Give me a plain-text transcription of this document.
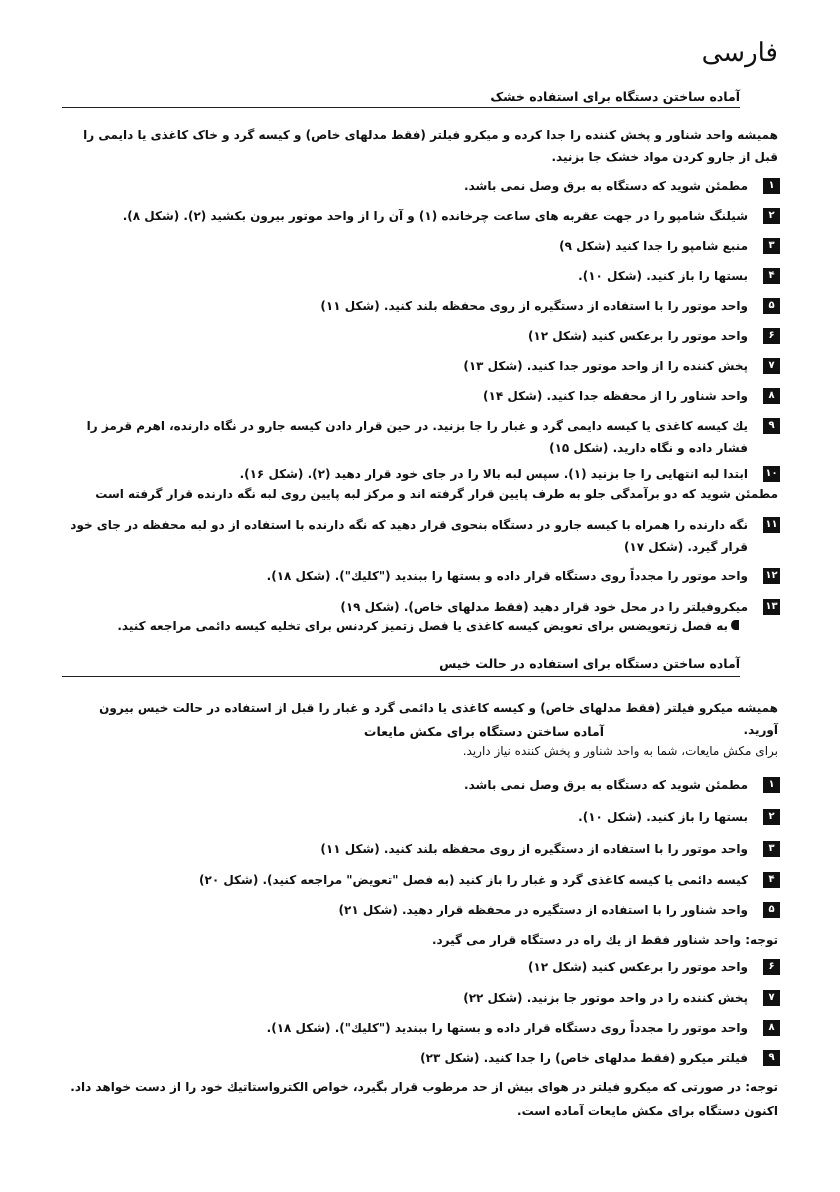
فارسی
آماده ساختن دستگاه برای استفاده خشک
همیشه واحد شناور و پخش کننده را جدا کرده و میکرو فیلتر (فقط مدلهای خاص) و کیسه گرد و خاک کاغذی یا دایمی را قبل از جارو کردن مواد خشک جا بزنید.
۱
مطمئن شوید که دستگاه به برق وصل نمی باشد.
۲
شیلنگ شامپو را در جهت عقربه های ساعت چرخانده (۱) و آن را از واحد موتور بیرون بکشید (۲). (شکل ۸).
۳
منبع شامپو را جدا کنید (شکل ۹)
۴
بستها را باز کنید. (شکل ۱۰).
۵
واحد موتور را با استفاده از دستگیره از روی محفظه بلند کنید. (شکل ۱۱)
۶
واحد موتور را برعکس کنید (شکل ۱۲)
۷
پخش کننده را از واحد موتور جدا کنید. (شکل ۱۳)
۸
واحد شناور را از محفظه جدا کنید. (شکل ۱۴)
۹
یك کیسه کاغذی یا کیسه دایمی گرد و غبار را جا بزنید. در حین قرار دادن کیسه جارو در نگاه دارنده، اهرم قرمز را فشار داده و نگاه دارید. (شکل ۱۵)
۱۰
ابتدا لبه انتهایی را جا بزنید (۱). سپس لبه بالا را در جای خود قرار دهید (۲). (شکل ۱۶).
مطمئن شوید که دو برآمدگی جلو به طرف پایین قرار گرفته اند و مرکز لبه پایین روی لبه نگه دارنده قرار گرفته است
۱۱
نگه دارنده را همراه با کیسه جارو در دستگاه بنحوی قرار دهید که نگه دارنده با استفاده از دو لبه محفظه در جای خود قرار گیرد. (شکل ۱۷)
۱۲
واحد موتور را مجدداً روی دستگاه قرار داده و بستها را ببندید ("کلیك"). (شکل ۱۸).
۱۳
میکروفیلتر را در محل خود قرار دهید (فقط مدلهای خاص). (شکل ۱۹)
به فصل زتعویضس برای تعویض کیسه کاغذی یا فصل زتمیز کردنس برای تخلیه کیسه دائمی مراجعه کنید.
آماده ساختن دستگاه برای استفاده در حالت خیس
همیشه میکرو فیلتر (فقط مدلهای خاص) و کیسه کاغذی یا دائمی گرد و غبار را قبل از استفاده در حالت خیس بیرون آورید.
آماده ساختن دستگاه برای مکش مایعات
برای مکش مایعات، شما به واحد شناور و پخش کننده نیاز دارید.
۱
مطمئن شوید که دستگاه به برق وصل نمی باشد.
۲
بستها را باز کنید. (شکل ۱۰).
۳
واحد موتور را با استفاده از دستگیره از روی محفظه بلند کنید. (شکل ۱۱)
۴
کیسه دائمی یا کیسه کاغذی گرد و غبار را باز کنید (به فصل "تعویض" مراجعه کنید). (شکل ۲۰)
۵
واحد شناور را با استفاده از دستگیره در محفظه قرار دهید. (شکل ۲۱)
توجه: واحد شناور فقط از یك راه در دستگاه قرار می گیرد.
۶
واحد موتور را برعکس کنید (شکل ۱۲)
۷
پخش کننده را در واحد موتور جا بزنید. (شکل ۲۲)
۸
واحد موتور را مجدداً روی دستگاه قرار داده و بستها را ببندید ("کلیك"). (شکل ۱۸).
۹
فیلتر میکرو (فقط مدلهای خاص) را جدا کنید. (شکل ۲۳)
توجه: در صورتی که میکرو فیلتر در هوای بیش از حد مرطوب قرار بگیرد، خواص الکترواستاتیك خود را از دست خواهد داد.
اکنون دستگاه برای مکش مایعات آماده است.
